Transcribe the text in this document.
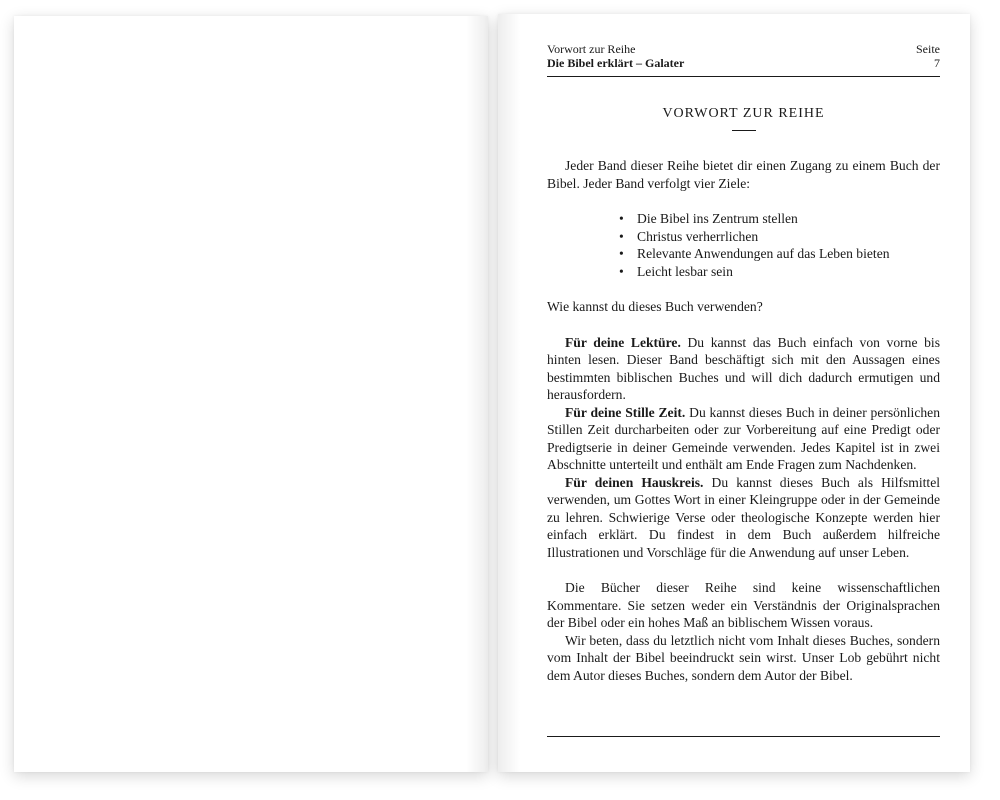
Vorwort zur Reihe
Die Bibel erklärt – Galater
Seite
7
VORWORT ZUR REIHE

Jeder Band dieser Reihe bietet dir einen Zugang zu einem Buch der Bibel. Jeder Band verfolgt vier Ziele:

• Die Bibel ins Zentrum stellen
• Christus verherrlichen
• Relevante Anwendungen auf das Leben bieten
• Leicht lesbar sein

Wie kannst du dieses Buch verwenden?

Für deine Lektüre. Du kannst das Buch einfach von vorne bis hinten lesen. Dieser Band beschäftigt sich mit den Aussagen eines bestimmten biblischen Buches und will dich dadurch ermutigen und herausfordern.

Für deine Stille Zeit. Du kannst dieses Buch in deiner persönlichen Stillen Zeit durcharbeiten oder zur Vorbereitung auf eine Predigt oder Predigtserie in deiner Gemeinde verwenden. Jedes Kapitel ist in zwei Abschnitte unterteilt und enthält am Ende Fragen zum Nachdenken.

Für deinen Hauskreis. Du kannst dieses Buch als Hilfsmittel verwenden, um Gottes Wort in einer Kleingruppe oder in der Gemeinde zu lehren. Schwierige Verse oder theologische Konzepte werden hier einfach erklärt. Du findest in dem Buch außerdem hilfreiche Illustrationen und Vorschläge für die Anwendung auf unser Leben.

Die Bücher dieser Reihe sind keine wissenschaftlichen Kommentare. Sie setzen weder ein Verständnis der Originalsprachen der Bibel oder ein hohes Maß an biblischem Wissen voraus.

Wir beten, dass du letztlich nicht vom Inhalt dieses Buches, sondern vom Inhalt der Bibel beeindruckt sein wirst. Unser Lob gebührt nicht dem Autor dieses Buches, sondern dem Autor der Bibel.
